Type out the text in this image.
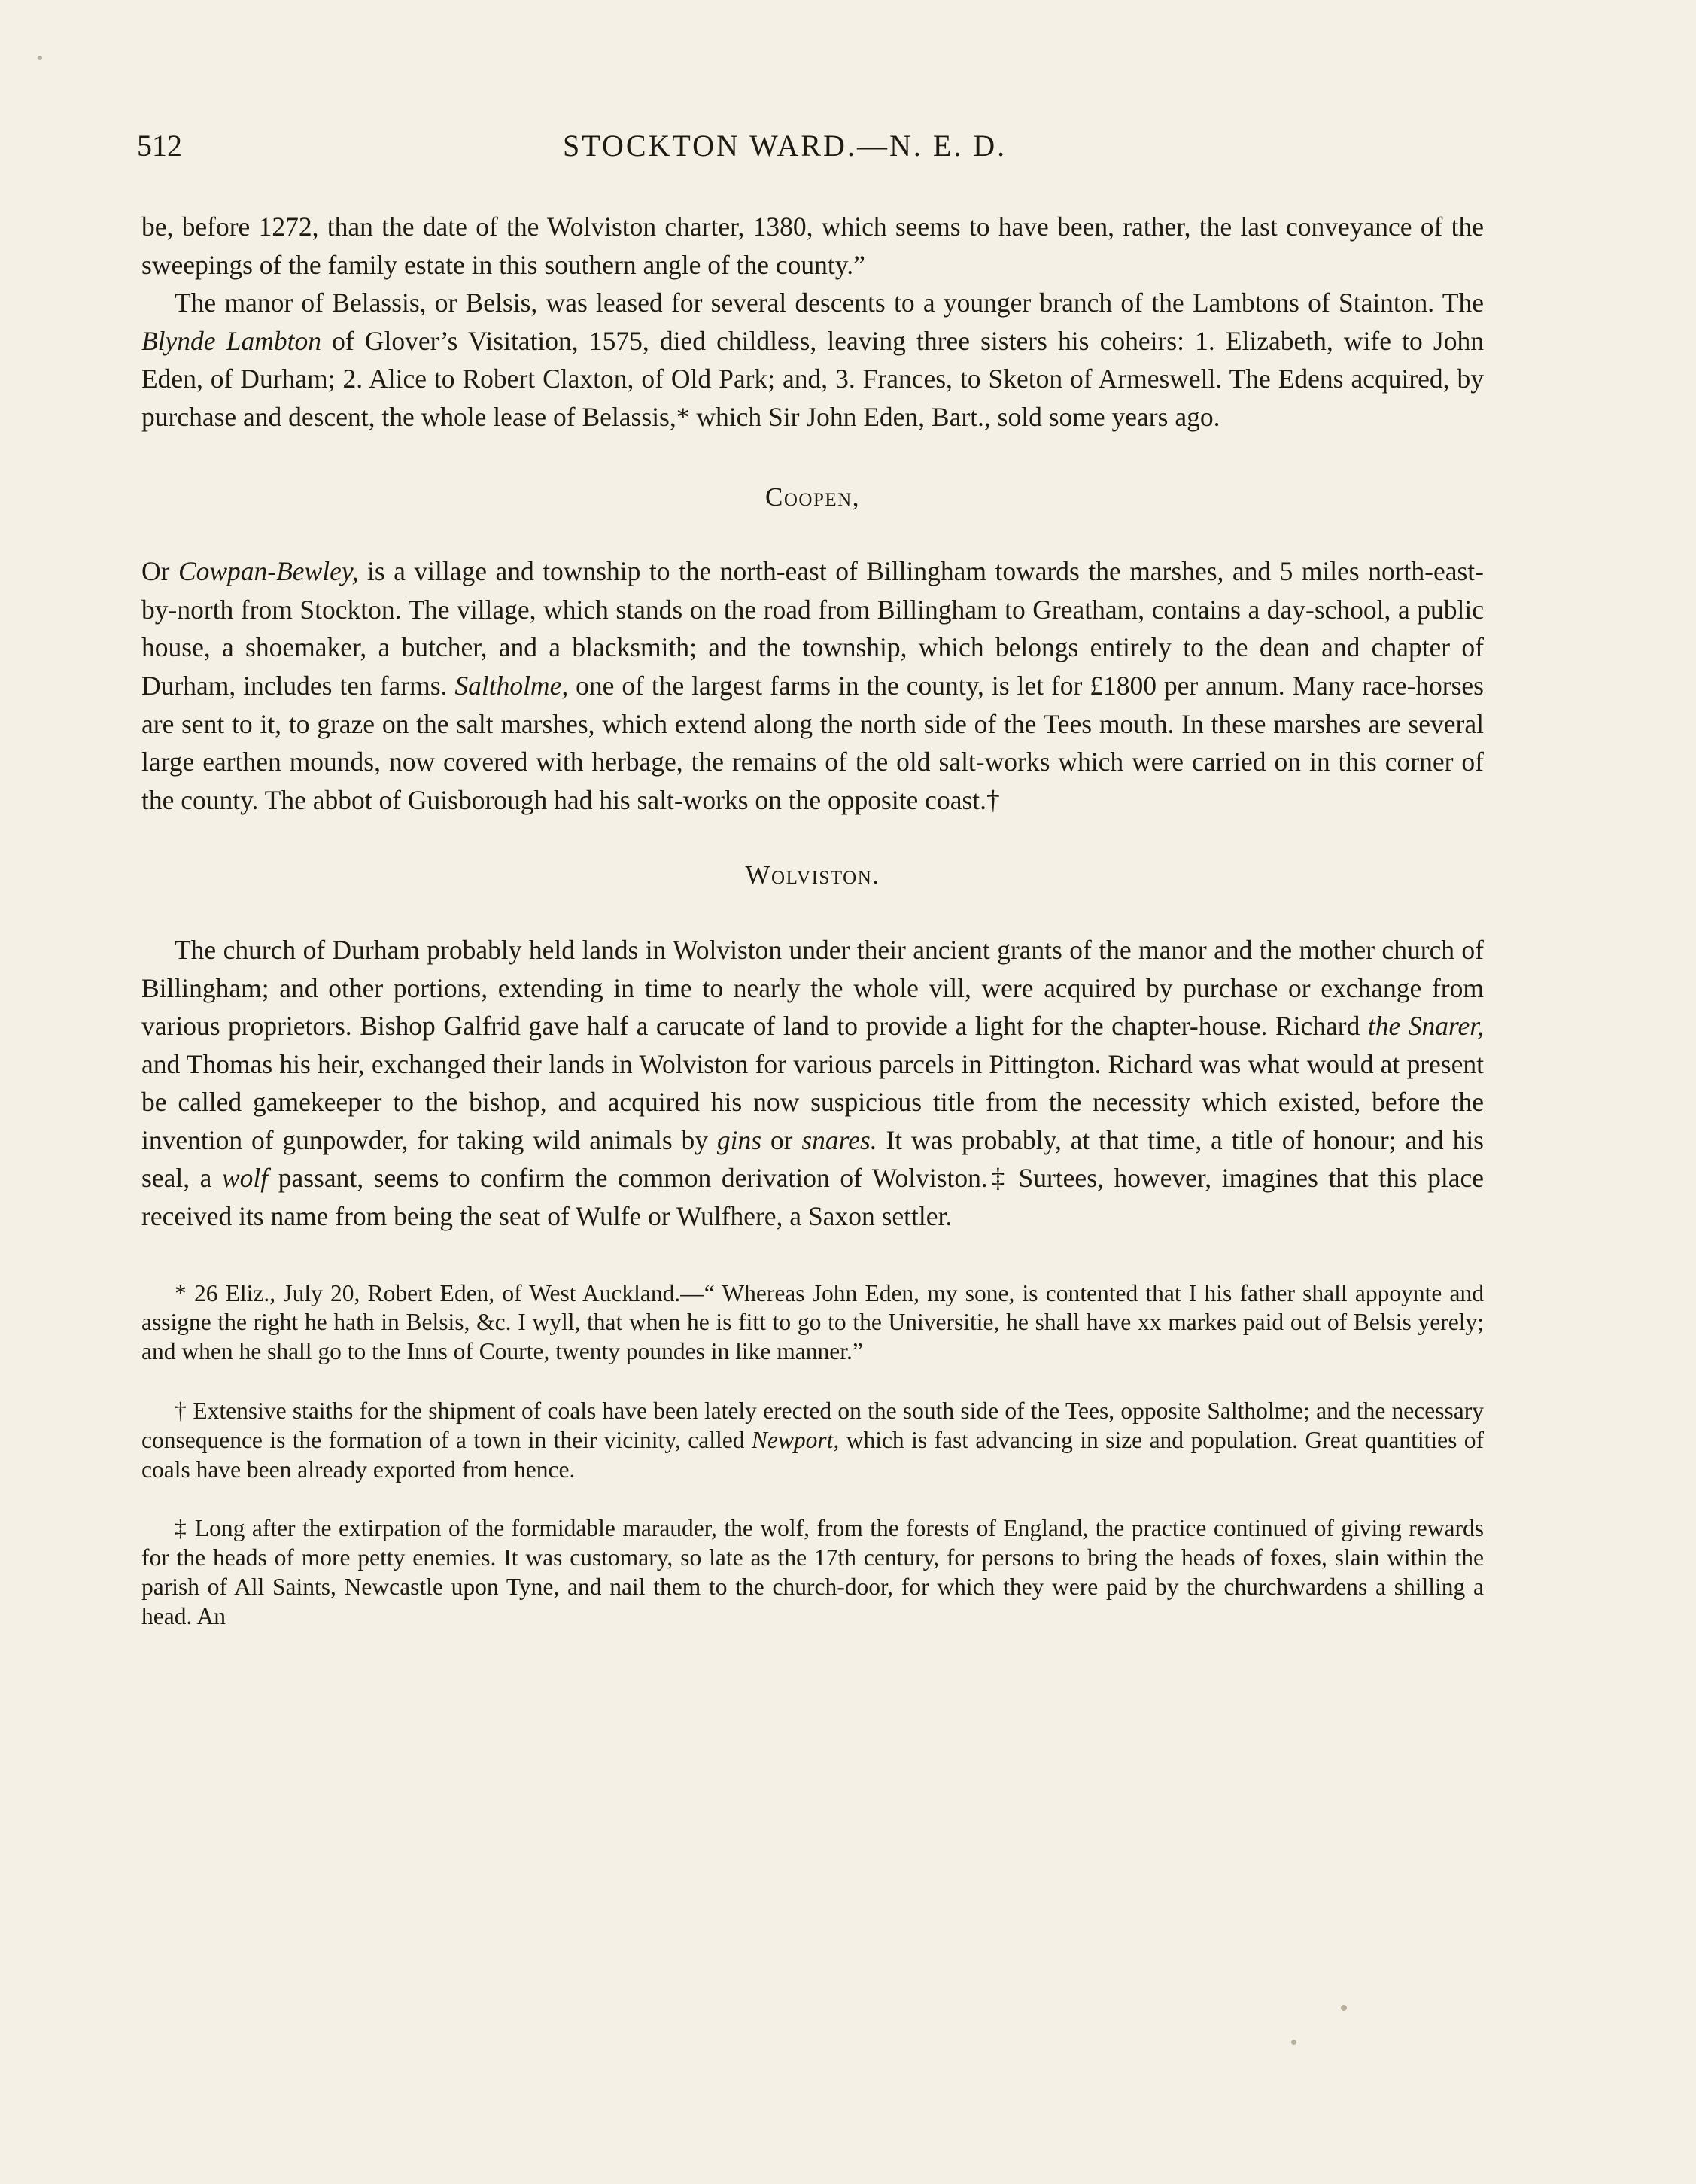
512	STOCKTON WARD.—N. E. D.

be, before 1272, than the date of the Wolviston charter, 1380, which seems to have been, rather, the last conveyance of the sweepings of the family estate in this southern angle of the county.”

The manor of Belassis, or Belsis, was leased for several descents to a younger branch of the Lambtons of Stainton. The Blynde Lambton of Glover’s Visitation, 1575, died childless, leaving three sisters his coheirs: 1. Elizabeth, wife to John Eden, of Durham; 2. Alice to Robert Claxton, of Old Park; and, 3. Frances, to Sketon of Armeswell. The Edens acquired, by purchase and descent, the whole lease of Belassis,* which Sir John Eden, Bart., sold some years ago.

Coopen,

Or Cowpan-Bewley, is a village and township to the north-east of Billingham towards the marshes, and 5 miles north-east-by-north from Stockton. The village, which stands on the road from Billingham to Greatham, contains a day-school, a public house, a shoemaker, a butcher, and a blacksmith; and the township, which belongs entirely to the dean and chapter of Durham, includes ten farms. Saltholme, one of the largest farms in the county, is let for £1800 per annum. Many race-horses are sent to it, to graze on the salt marshes, which extend along the north side of the Tees mouth. In these marshes are several large earthen mounds, now covered with herbage, the remains of the old salt-works which were carried on in this corner of the county. The abbot of Guisborough had his salt-works on the opposite coast.†

Wolviston.

The church of Durham probably held lands in Wolviston under their ancient grants of the manor and the mother church of Billingham; and other portions, extending in time to nearly the whole vill, were acquired by purchase or exchange from various proprietors. Bishop Galfrid gave half a carucate of land to provide a light for the chapter-house. Richard the Snarer, and Thomas his heir, exchanged their lands in Wolviston for various parcels in Pittington. Richard was what would at present be called gamekeeper to the bishop, and acquired his now suspicious title from the necessity which existed, before the invention of gunpowder, for taking wild animals by gins or snares. It was probably, at that time, a title of honour; and his seal, a wolf passant, seems to confirm the common derivation of Wolviston.‡ Surtees, however, imagines that this place received its name from being the seat of Wulfe or Wulfhere, a Saxon settler.

* 26 Eliz., July 20, Robert Eden, of West Auckland.—“ Whereas John Eden, my sone, is contented that I his father shall appoynte and assigne the right he hath in Belsis, &c. I wyll, that when he is fitt to go to the Universitie, he shall have xx markes paid out of Belsis yerely; and when he shall go to the Inns of Courte, twenty poundes in like manner.”

† Extensive staiths for the shipment of coals have been lately erected on the south side of the Tees, opposite Saltholme; and the necessary consequence is the formation of a town in their vicinity, called Newport, which is fast advancing in size and population. Great quantities of coals have been already exported from hence.

‡ Long after the extirpation of the formidable marauder, the wolf, from the forests of England, the practice continued of giving rewards for the heads of more petty enemies. It was customary, so late as the 17th century, for persons to bring the heads of foxes, slain within the parish of All Saints, Newcastle upon Tyne, and nail them to the church-door, for which they were paid by the churchwardens a shilling a head. An
